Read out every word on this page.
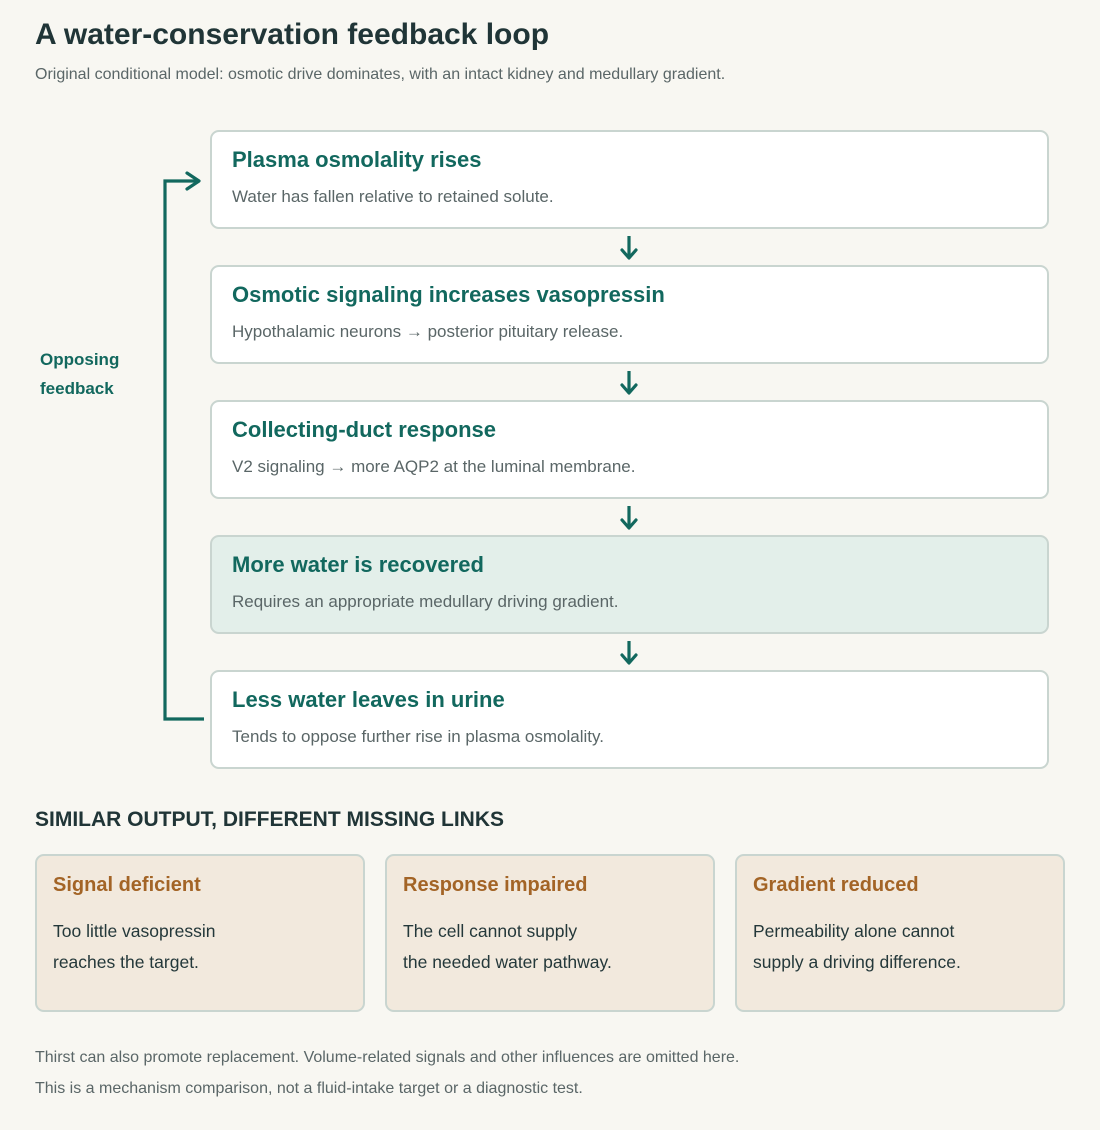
A water-conservation feedback loop
Original conditional model: osmotic drive dominates, with an intact kidney and medullary gradient.
Opposing
feedback
Plasma osmolality rises
Water has fallen relative to retained solute.
Osmotic signaling increases vasopressin
Hypothalamic neurons → posterior pituitary release.
Collecting-duct response
V2 signaling → more AQP2 at the luminal membrane.
More water is recovered
Requires an appropriate medullary driving gradient.
Less water leaves in urine
Tends to oppose further rise in plasma osmolality.
SIMILAR OUTPUT, DIFFERENT MISSING LINKS
Signal deficient
Too little vasopressin
reaches the target.
Response impaired
The cell cannot supply
the needed water pathway.
Gradient reduced
Permeability alone cannot
supply a driving difference.
Thirst can also promote replacement. Volume-related signals and other influences are omitted here.
This is a mechanism comparison, not a fluid-intake target or a diagnostic test.
